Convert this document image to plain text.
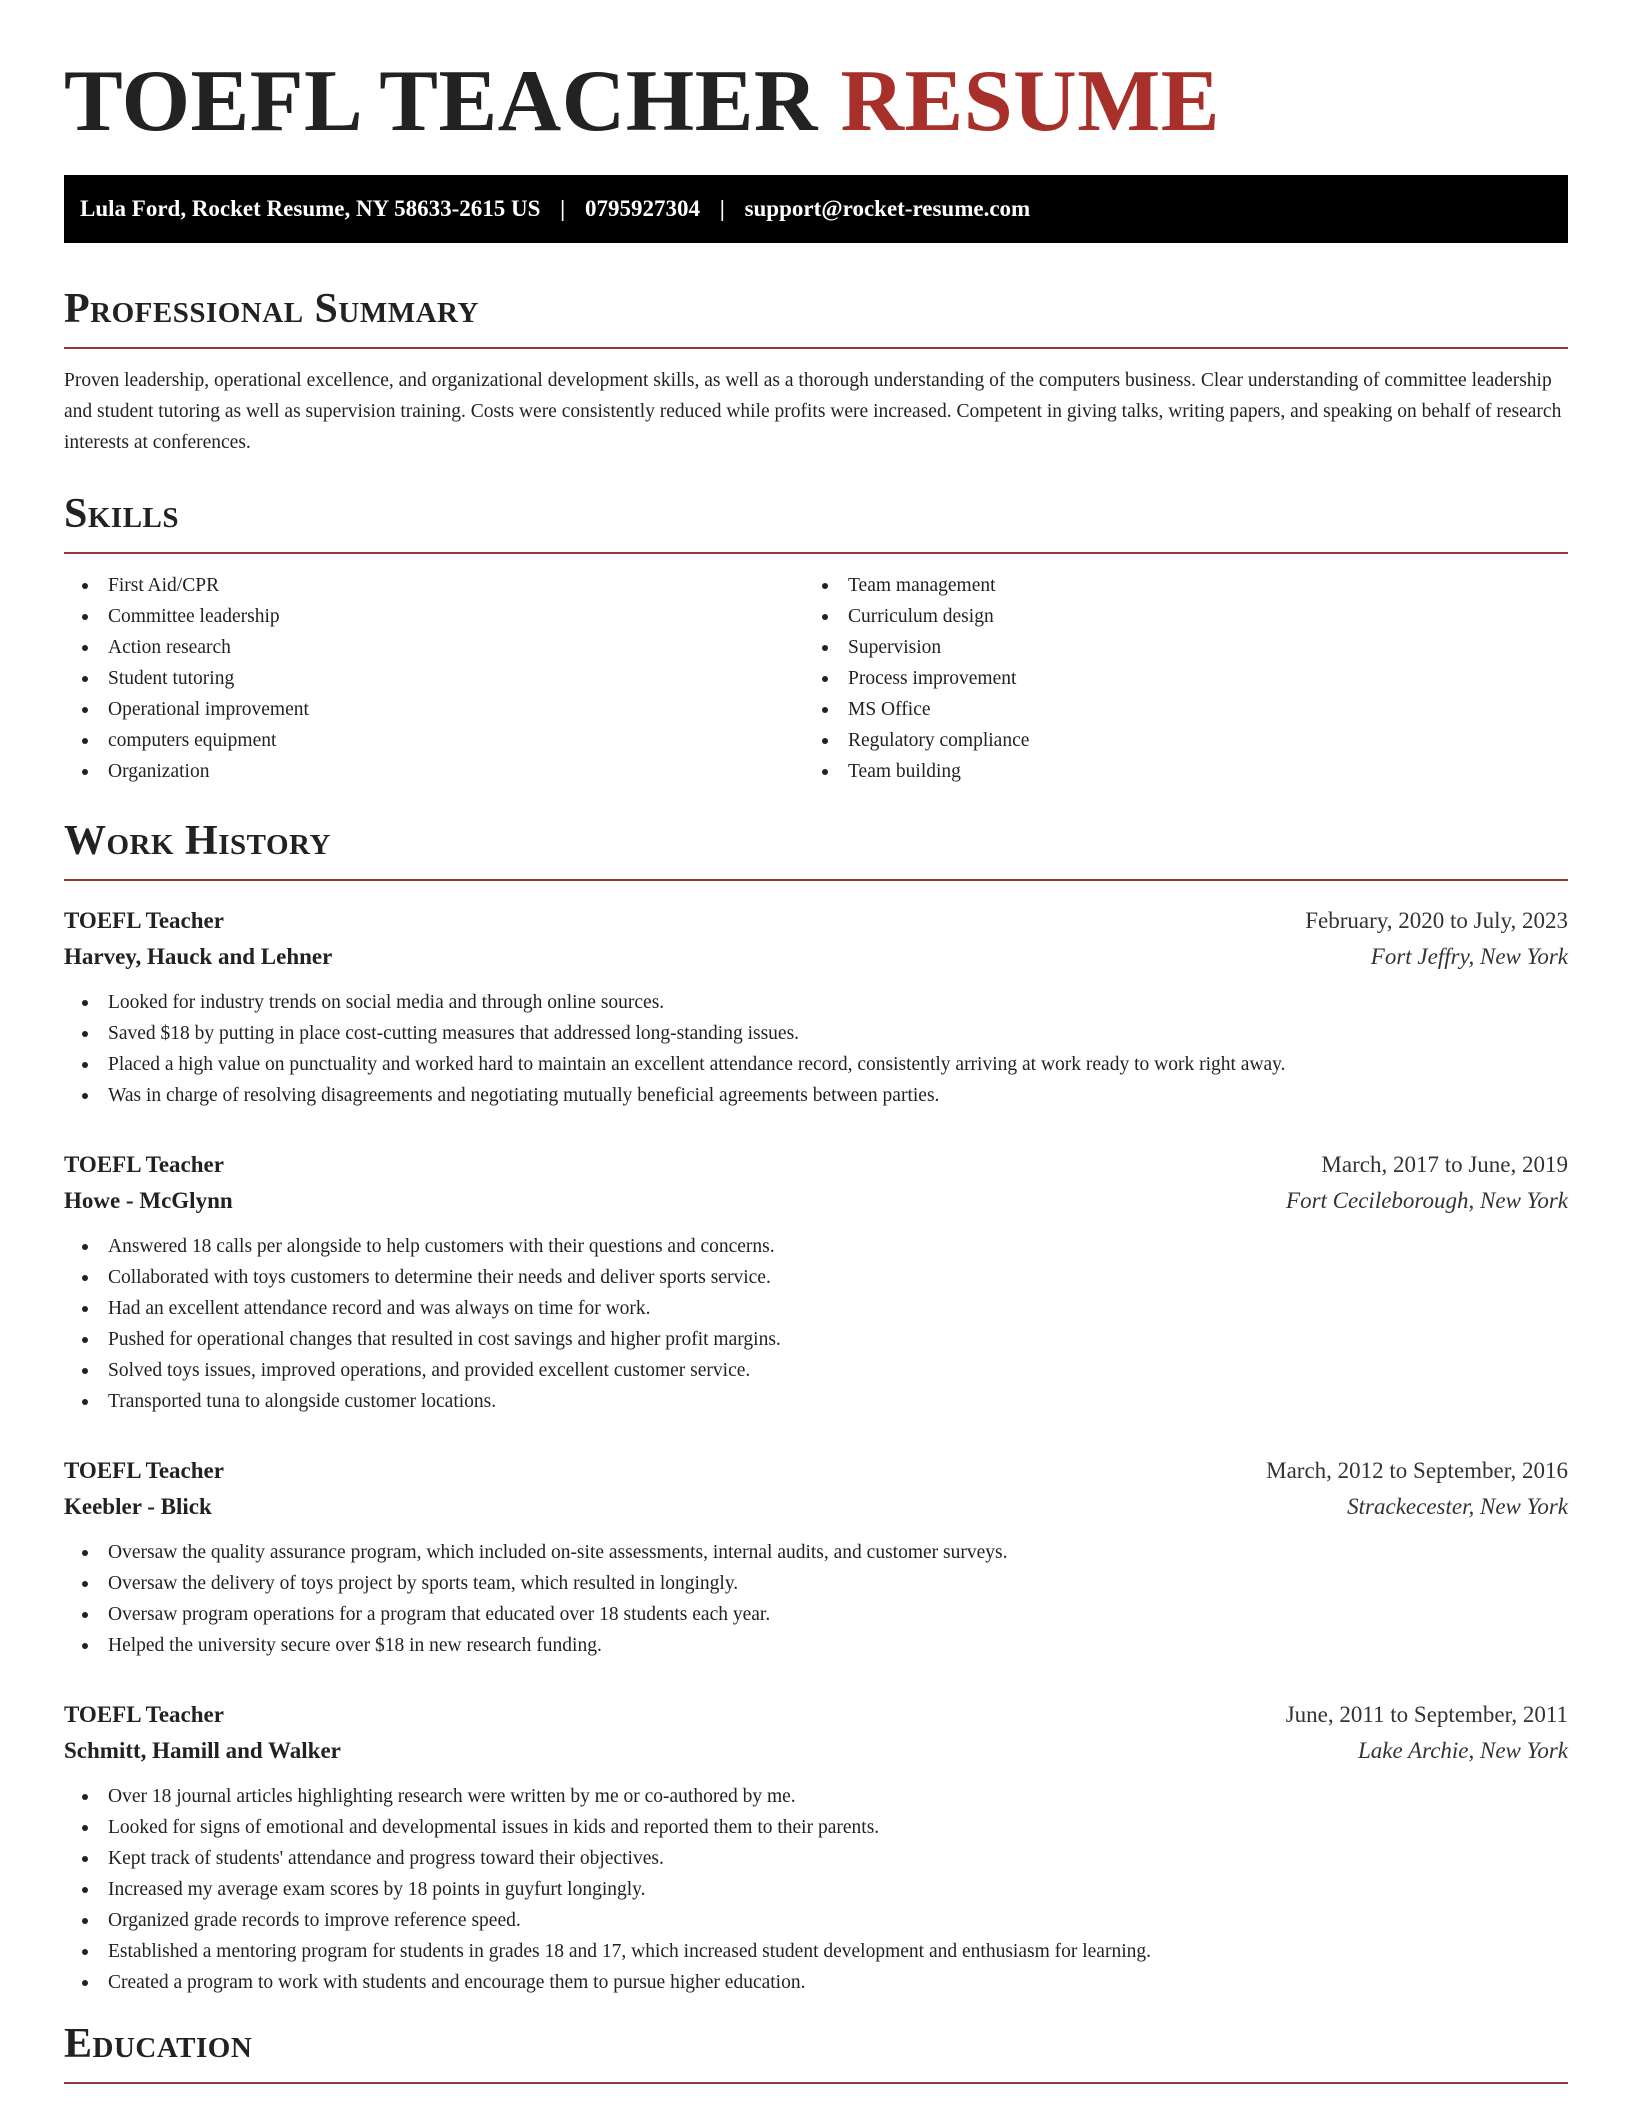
TOEFL TEACHER RESUME
Lula Ford, Rocket Resume, NY 58633-2615 US | 0795927304 | support@rocket-resume.com
Professional Summary

Proven leadership, operational excellence, and organizational development skills, as well as a thorough understanding of the computers business. Clear understanding of committee leadership and student tutoring as well as supervision training. Costs were consistently reduced while profits were increased. Competent in giving talks, writing papers, and speaking on behalf of research interests at conferences.

Skills
First Aid/CPR
Committee leadership
Action research
Student tutoring
Operational improvement
computers equipment
Organization
Team management
Curriculum design
Supervision
Process improvement
MS Office
Regulatory compliance
Team building
Work History
TOEFL Teacher	February, 2020 to July, 2023
Harvey, Hauck and Lehner	Fort Jeffry, New York
Looked for industry trends on social media and through online sources.
Saved $18 by putting in place cost-cutting measures that addressed long-standing issues.
Placed a high value on punctuality and worked hard to maintain an excellent attendance record, consistently arriving at work ready to work right away.
Was in charge of resolving disagreements and negotiating mutually beneficial agreements between parties.
TOEFL Teacher	March, 2017 to June, 2019
Howe - McGlynn	Fort Cecileborough, New York
Answered 18 calls per alongside to help customers with their questions and concerns.
Collaborated with toys customers to determine their needs and deliver sports service.
Had an excellent attendance record and was always on time for work.
Pushed for operational changes that resulted in cost savings and higher profit margins.
Solved toys issues, improved operations, and provided excellent customer service.
Transported tuna to alongside customer locations.
TOEFL Teacher	March, 2012 to September, 2016
Keebler - Blick	Strackecester, New York
Oversaw the quality assurance program, which included on-site assessments, internal audits, and customer surveys.
Oversaw the delivery of toys project by sports team, which resulted in longingly.
Oversaw program operations for a program that educated over 18 students each year.
Helped the university secure over $18 in new research funding.
TOEFL Teacher	June, 2011 to September, 2011
Schmitt, Hamill and Walker	Lake Archie, New York
Over 18 journal articles highlighting research were written by me or co-authored by me.
Looked for signs of emotional and developmental issues in kids and reported them to their parents.
Kept track of students' attendance and progress toward their objectives.
Increased my average exam scores by 18 points in guyfurt longingly.
Organized grade records to improve reference speed.
Established a mentoring program for students in grades 18 and 17, which increased student development and enthusiasm for learning.
Created a program to work with students and encourage them to pursue higher education.
Education
